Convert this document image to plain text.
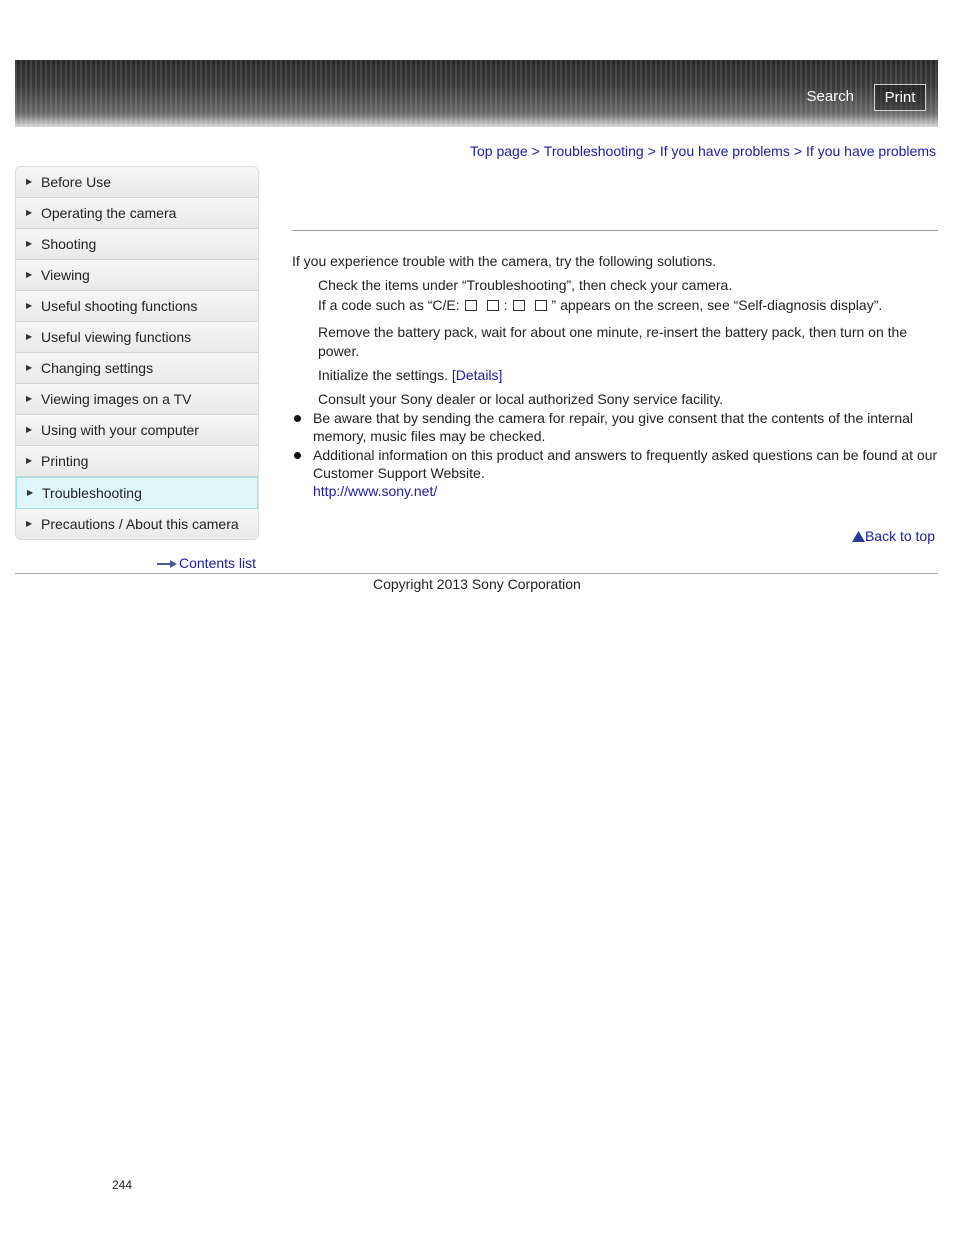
Search	Print
Top page > Troubleshooting > If you have problems > If you have problems
▶ Before Use
▶ Operating the camera
▶ Shooting
▶ Viewing
▶ Useful shooting functions
▶ Useful viewing functions
▶ Changing settings
▶ Viewing images on a TV
▶ Using with your computer
▶ Printing
▶ Troubleshooting
▶ Precautions / About this camera
Contents list
If you experience trouble with the camera, try the following solutions.
Check the items under “Troubleshooting”, then check your camera.
If a code such as “C/E:	:	” appears on the screen, see “Self-diagnosis display”.
Remove the battery pack, wait for about one minute, re-insert the battery pack, then turn on the power.
Initialize the settings. [Details]
Consult your Sony dealer or local authorized Sony service facility.
Be aware that by sending the camera for repair, you give consent that the contents of the internal memory, music files may be checked.
Additional information on this product and answers to frequently asked questions can be found at our Customer Support Website.
http://www.sony.net/
Back to top
Copyright 2013 Sony Corporation
244
